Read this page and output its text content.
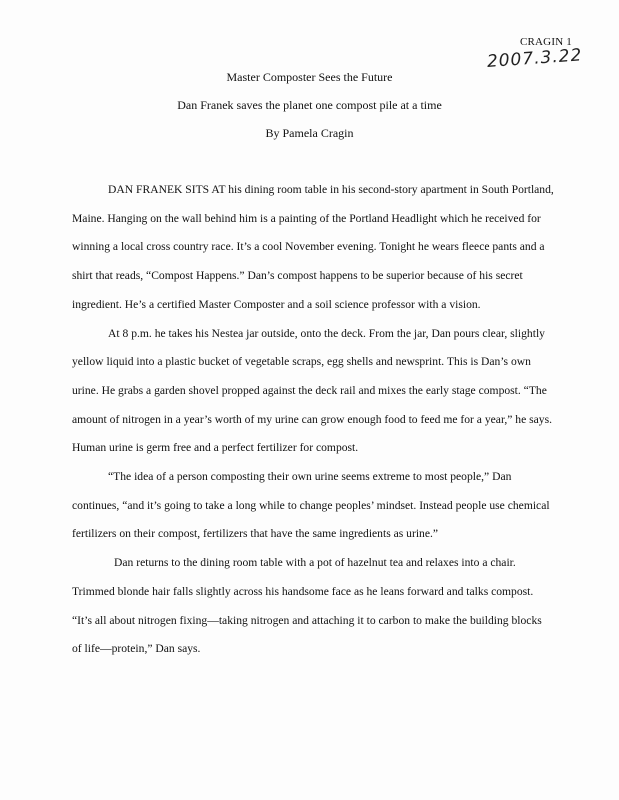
CRAGIN 1
2007.3.22
Master Composter Sees the Future
Dan Franek saves the planet one compost pile at a time
By Pamela Cragin

DAN FRANEK SITS AT his dining room table in his second-story apartment in South Portland, Maine. Hanging on the wall behind him is a painting of the Portland Headlight which he received for winning a local cross country race. It’s a cool November evening. Tonight he wears fleece pants and a shirt that reads, “Compost Happens.” Dan’s compost happens to be superior because of his secret ingredient. He’s a certified Master Composter and a soil science professor with a vision.

At 8 p.m. he takes his Nestea jar outside, onto the deck. From the jar, Dan pours clear, slightly yellow liquid into a plastic bucket of vegetable scraps, egg shells and newsprint. This is Dan’s own urine. He grabs a garden shovel propped against the deck rail and mixes the early stage compost. “The amount of nitrogen in a year’s worth of my urine can grow enough food to feed me for a year,” he says. Human urine is germ free and a perfect fertilizer for compost.

“The idea of a person composting their own urine seems extreme to most people,” Dan continues, “and it’s going to take a long while to change peoples’ mindset. Instead people use chemical fertilizers on their compost, fertilizers that have the same ingredients as urine.”

Dan returns to the dining room table with a pot of hazelnut tea and relaxes into a chair. Trimmed blonde hair falls slightly across his handsome face as he leans forward and talks compost. “It’s all about nitrogen fixing—taking nitrogen and attaching it to carbon to make the building blocks of life—protein,” Dan says.
